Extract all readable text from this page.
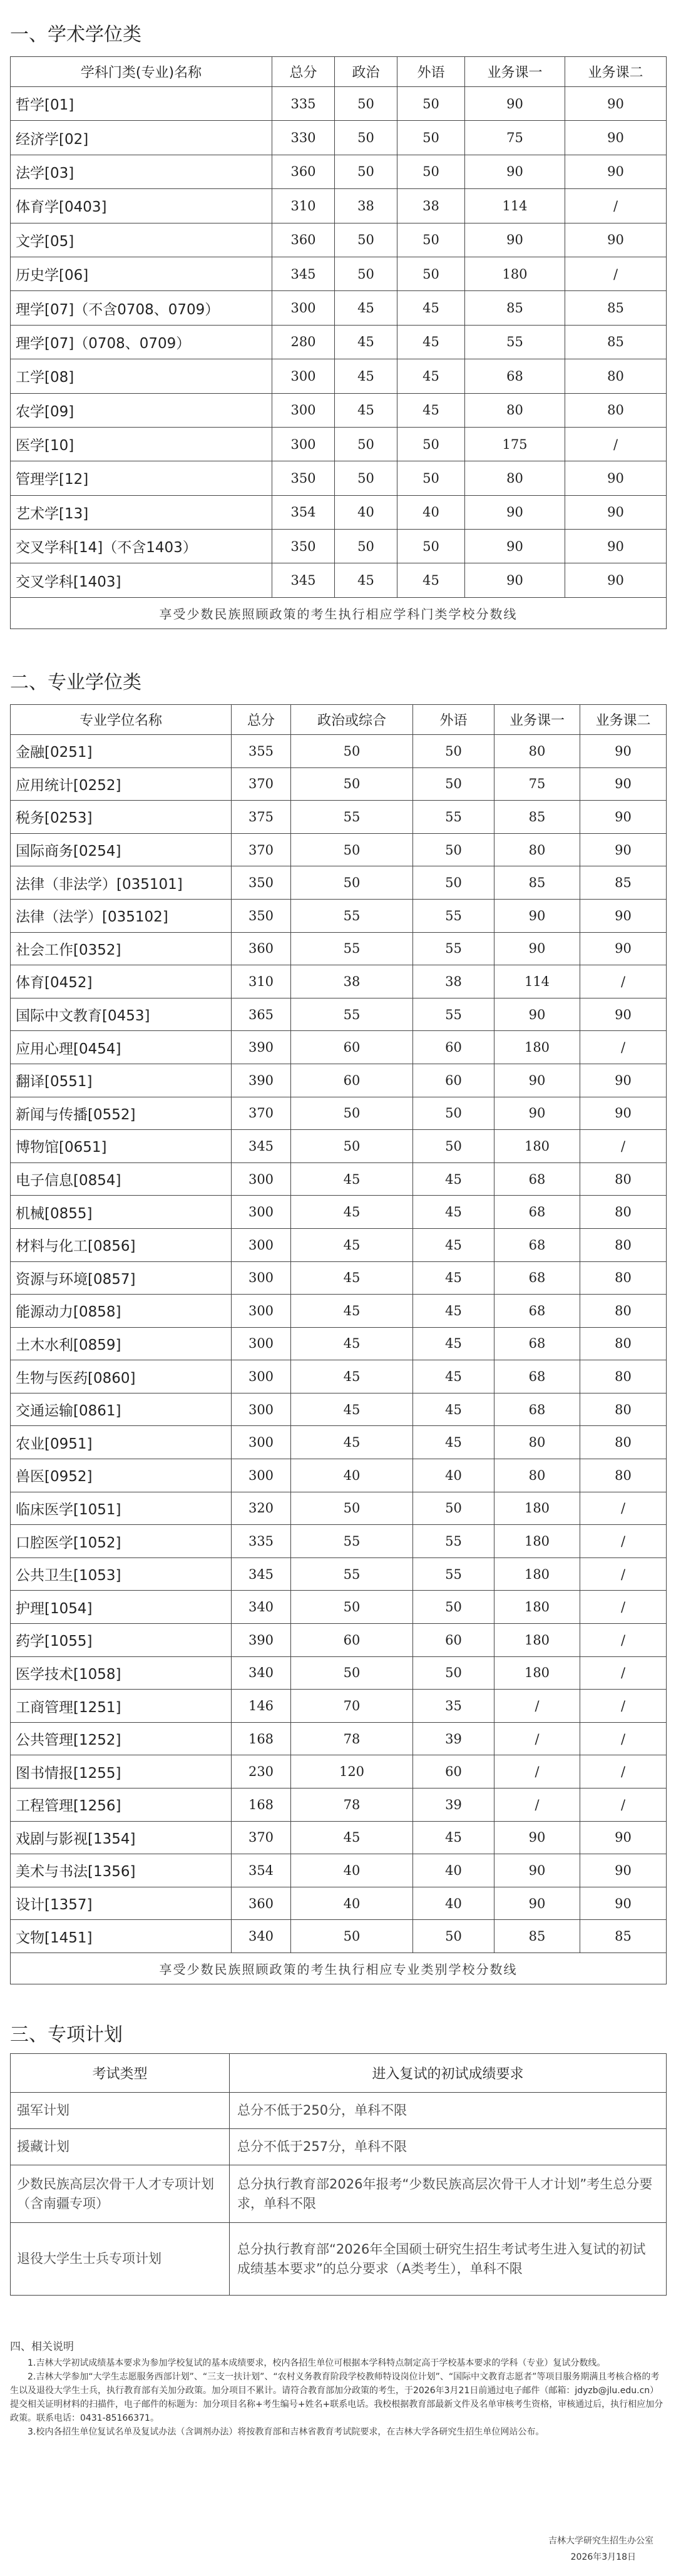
一、学术学位类
学科门类(专业)名称	总分	政治	外语	业务课一	业务课二
哲学[01]	335	50	50	90	90
经济学[02]	330	50	50	75	90
法学[03]	360	50	50	90	90
体育学[0403]	310	38	38	114	/
文学[05]	360	50	50	90	90
历史学[06]	345	50	50	180	/
理学[07]（不含0708、0709）	300	45	45	85	85
理学[07]（0708、0709）	280	45	45	55	85
工学[08]	300	45	45	68	80
农学[09]	300	45	45	80	80
医学[10]	300	50	50	175	/
管理学[12]	350	50	50	80	90
艺术学[13]	354	40	40	90	90
交叉学科[14]（不含1403）	350	50	50	90	90
交叉学科[1403]	345	45	45	90	90
享受少数民族照顾政策的考生执行相应学科门类学校分数线					
二、专业学位类
专业学位名称	总分	政治或综合	外语	业务课一	业务课二
金融[0251]	355	50	50	80	90
应用统计[0252]	370	50	50	75	90
税务[0253]	375	55	55	85	90
国际商务[0254]	370	50	50	80	90
法律（非法学）[035101]	350	50	50	85	85
法律（法学）[035102]	350	55	55	90	90
社会工作[0352]	360	55	55	90	90
体育[0452]	310	38	38	114	/
国际中文教育[0453]	365	55	55	90	90
应用心理[0454]	390	60	60	180	/
翻译[0551]	390	60	60	90	90
新闻与传播[0552]	370	50	50	90	90
博物馆[0651]	345	50	50	180	/
电子信息[0854]	300	45	45	68	80
机械[0855]	300	45	45	68	80
材料与化工[0856]	300	45	45	68	80
资源与环境[0857]	300	45	45	68	80
能源动力[0858]	300	45	45	68	80
土木水利[0859]	300	45	45	68	80
生物与医药[0860]	300	45	45	68	80
交通运输[0861]	300	45	45	68	80
农业[0951]	300	45	45	80	80
兽医[0952]	300	40	40	80	80
临床医学[1051]	320	50	50	180	/
口腔医学[1052]	335	55	55	180	/
公共卫生[1053]	345	55	55	180	/
护理[1054]	340	50	50	180	/
药学[1055]	390	60	60	180	/
医学技术[1058]	340	50	50	180	/
工商管理[1251]	146	70	35	/	/
公共管理[1252]	168	78	39	/	/
图书情报[1255]	230	120	60	/	/
工程管理[1256]	168	78	39	/	/
戏剧与影视[1354]	370	45	45	90	90
美术与书法[1356]	354	40	40	90	90
设计[1357]	360	40	40	90	90
文物[1451]	340	50	50	85	85
享受少数民族照顾政策的考生执行相应专业类别学校分数线					
三、专项计划
考试类型	进入复试的初试成绩要求
强军计划	总分不低于250分，单科不限
援藏计划	总分不低于257分，单科不限
少数民族高层次骨干人才专项计划（含南疆专项）	总分执行教育部2026年报考“少数民族高层次骨干人才计划”考生总分要求，单科不限
退役大学生士兵专项计划	总分执行教育部“2026年全国硕士研究生招生考试考生进入复试的初试成绩基本要求”的总分要求（A类考生），单科不限
四、相关说明

1.吉林大学初试成绩基本要求为参加学校复试的基本成绩要求，校内各招生单位可根据本学科特点制定高于学校基本要求的学科（专业）复试分数线。

2.吉林大学参加“大学生志愿服务西部计划”、“三支一扶计划”、“农村义务教育阶段学校教师特设岗位计划”、“国际中文教育志愿者”等项目服务期满且考核合格的考生以及退役大学生士兵，执行教育部有关加分政策。加分项目不累计。请符合教育部加分政策的考生，于2026年3月21日前通过电子邮件（邮箱：jdyzb@jlu.edu.cn）提交相关证明材料的扫描件，电子邮件的标题为：加分项目名称+考生编号+姓名+联系电话。我校根据教育部最新文件及名单审核考生资格，审核通过后，执行相应加分政策。联系电话：0431-85166371。

3.校内各招生单位复试名单及复试办法（含调剂办法）将按教育部和吉林省教育考试院要求，在吉林大学各研究生招生单位网站公布。

吉林大学研究生招生办公室
2026年3月18日
